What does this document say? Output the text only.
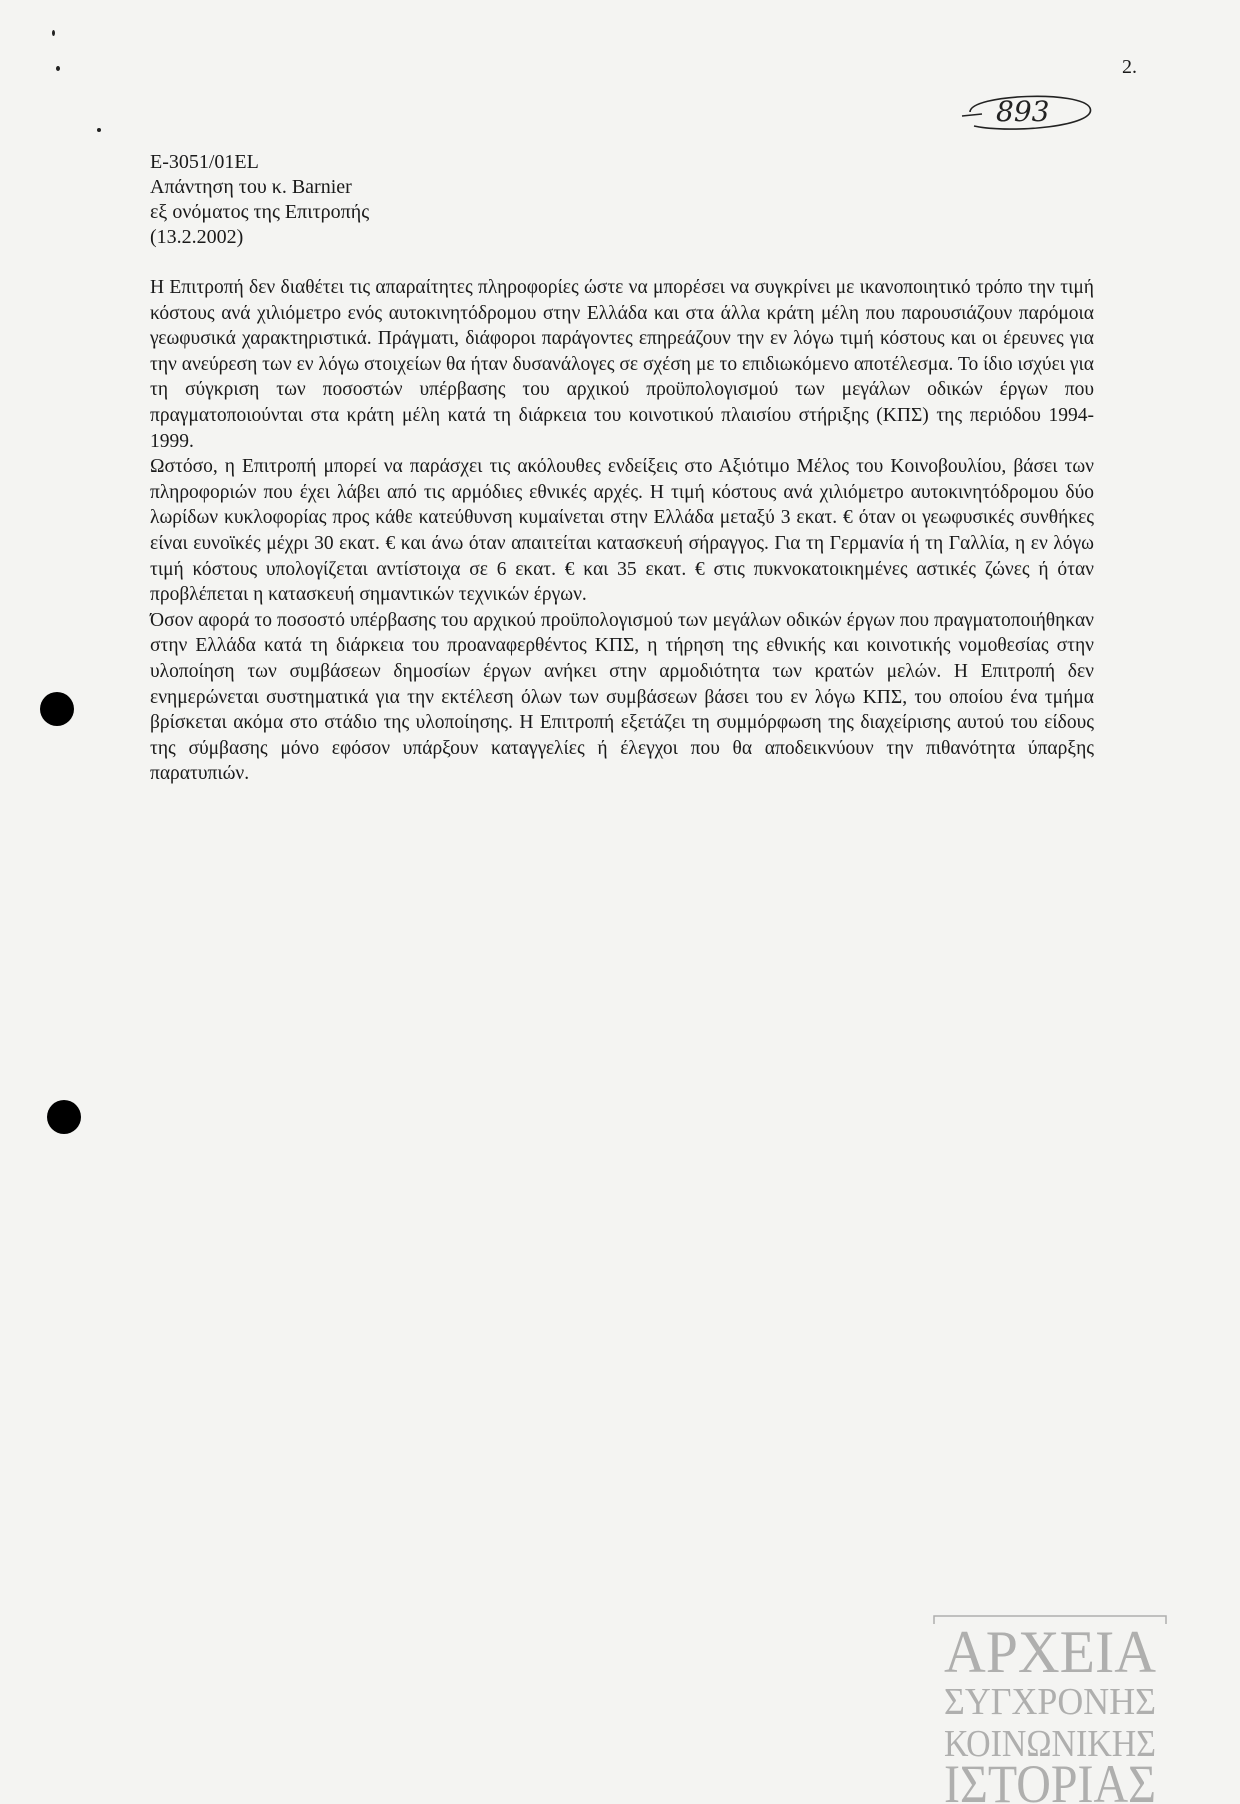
2.
893
E-3051/01EL
Απάντηση του κ. Barnier
εξ ονόματος της Επιτροπής
(13.2.2002)

Η Επιτροπή δεν διαθέτει τις απαραίτητες πληροφορίες ώστε να μπορέσει να συγκρίνει με ικανοποιητικό τρόπο την τιμή κόστους ανά χιλιόμετρο ενός αυτοκινητόδρομου στην Ελλάδα και στα άλλα κράτη μέλη που παρουσιάζουν παρόμοια γεωφυσικά χαρακτηριστικά. Πράγματι, διάφοροι παράγοντες επηρεάζουν την εν λόγω τιμή κόστους και οι έρευνες για την ανεύρεση των εν λόγω στοιχείων θα ήταν δυσανάλογες σε σχέση με το επιδιωκόμενο αποτέλεσμα. Το ίδιο ισχύει για τη σύγκριση των ποσοστών υπέρβασης του αρχικού προϋπολογισμού των μεγάλων οδικών έργων που πραγματοποιούνται στα κράτη μέλη κατά τη διάρκεια του κοινοτικού πλαισίου στήριξης (ΚΠΣ) της περιόδου 1994-1999.

Ωστόσο, η Επιτροπή μπορεί να παράσχει τις ακόλουθες ενδείξεις στο Αξιότιμο Μέλος του Κοινοβουλίου, βάσει των πληροφοριών που έχει λάβει από τις αρμόδιες εθνικές αρχές. Η τιμή κόστους ανά χιλιόμετρο αυτοκινητόδρομου δύο λωρίδων κυκλοφορίας προς κάθε κατεύθυνση κυμαίνεται στην Ελλάδα μεταξύ 3 εκατ. € όταν οι γεωφυσικές συνθήκες είναι ευνοϊκές μέχρι 30 εκατ. € και άνω όταν απαιτείται κατασκευή σήραγγος. Για τη Γερμανία ή τη Γαλλία, η εν λόγω τιμή κόστους υπολογίζεται αντίστοιχα σε 6 εκατ. € και 35 εκατ. € στις πυκνοκατοικημένες αστικές ζώνες ή όταν προβλέπεται η κατασκευή σημαντικών τεχνικών έργων.

Όσον αφορά το ποσοστό υπέρβασης του αρχικού προϋπολογισμού των μεγάλων οδικών έργων που πραγματοποιήθηκαν στην Ελλάδα κατά τη διάρκεια του προαναφερθέντος ΚΠΣ, η τήρηση της εθνικής και κοινοτικής νομοθεσίας στην υλοποίηση των συμβάσεων δημοσίων έργων ανήκει στην αρμοδιότητα των κρατών μελών. Η Επιτροπή δεν ενημερώνεται συστηματικά για την εκτέλεση όλων των συμβάσεων βάσει του εν λόγω ΚΠΣ, του οποίου ένα τμήμα βρίσκεται ακόμα στο στάδιο της υλοποίησης. Η Επιτροπή εξετάζει τη συμμόρφωση της διαχείρισης αυτού του είδους της σύμβασης μόνο εφόσον υπάρξουν καταγγελίες ή έλεγχοι που θα αποδεικνύουν την πιθανότητα ύπαρξης παρατυπιών.

ΑΡΧΕΙΑ
ΣΥΓΧΡΟΝΗΣ
ΚΟΙΝΩΝΙΚΗΣ
ΙΣΤΟΡΙΑΣ
